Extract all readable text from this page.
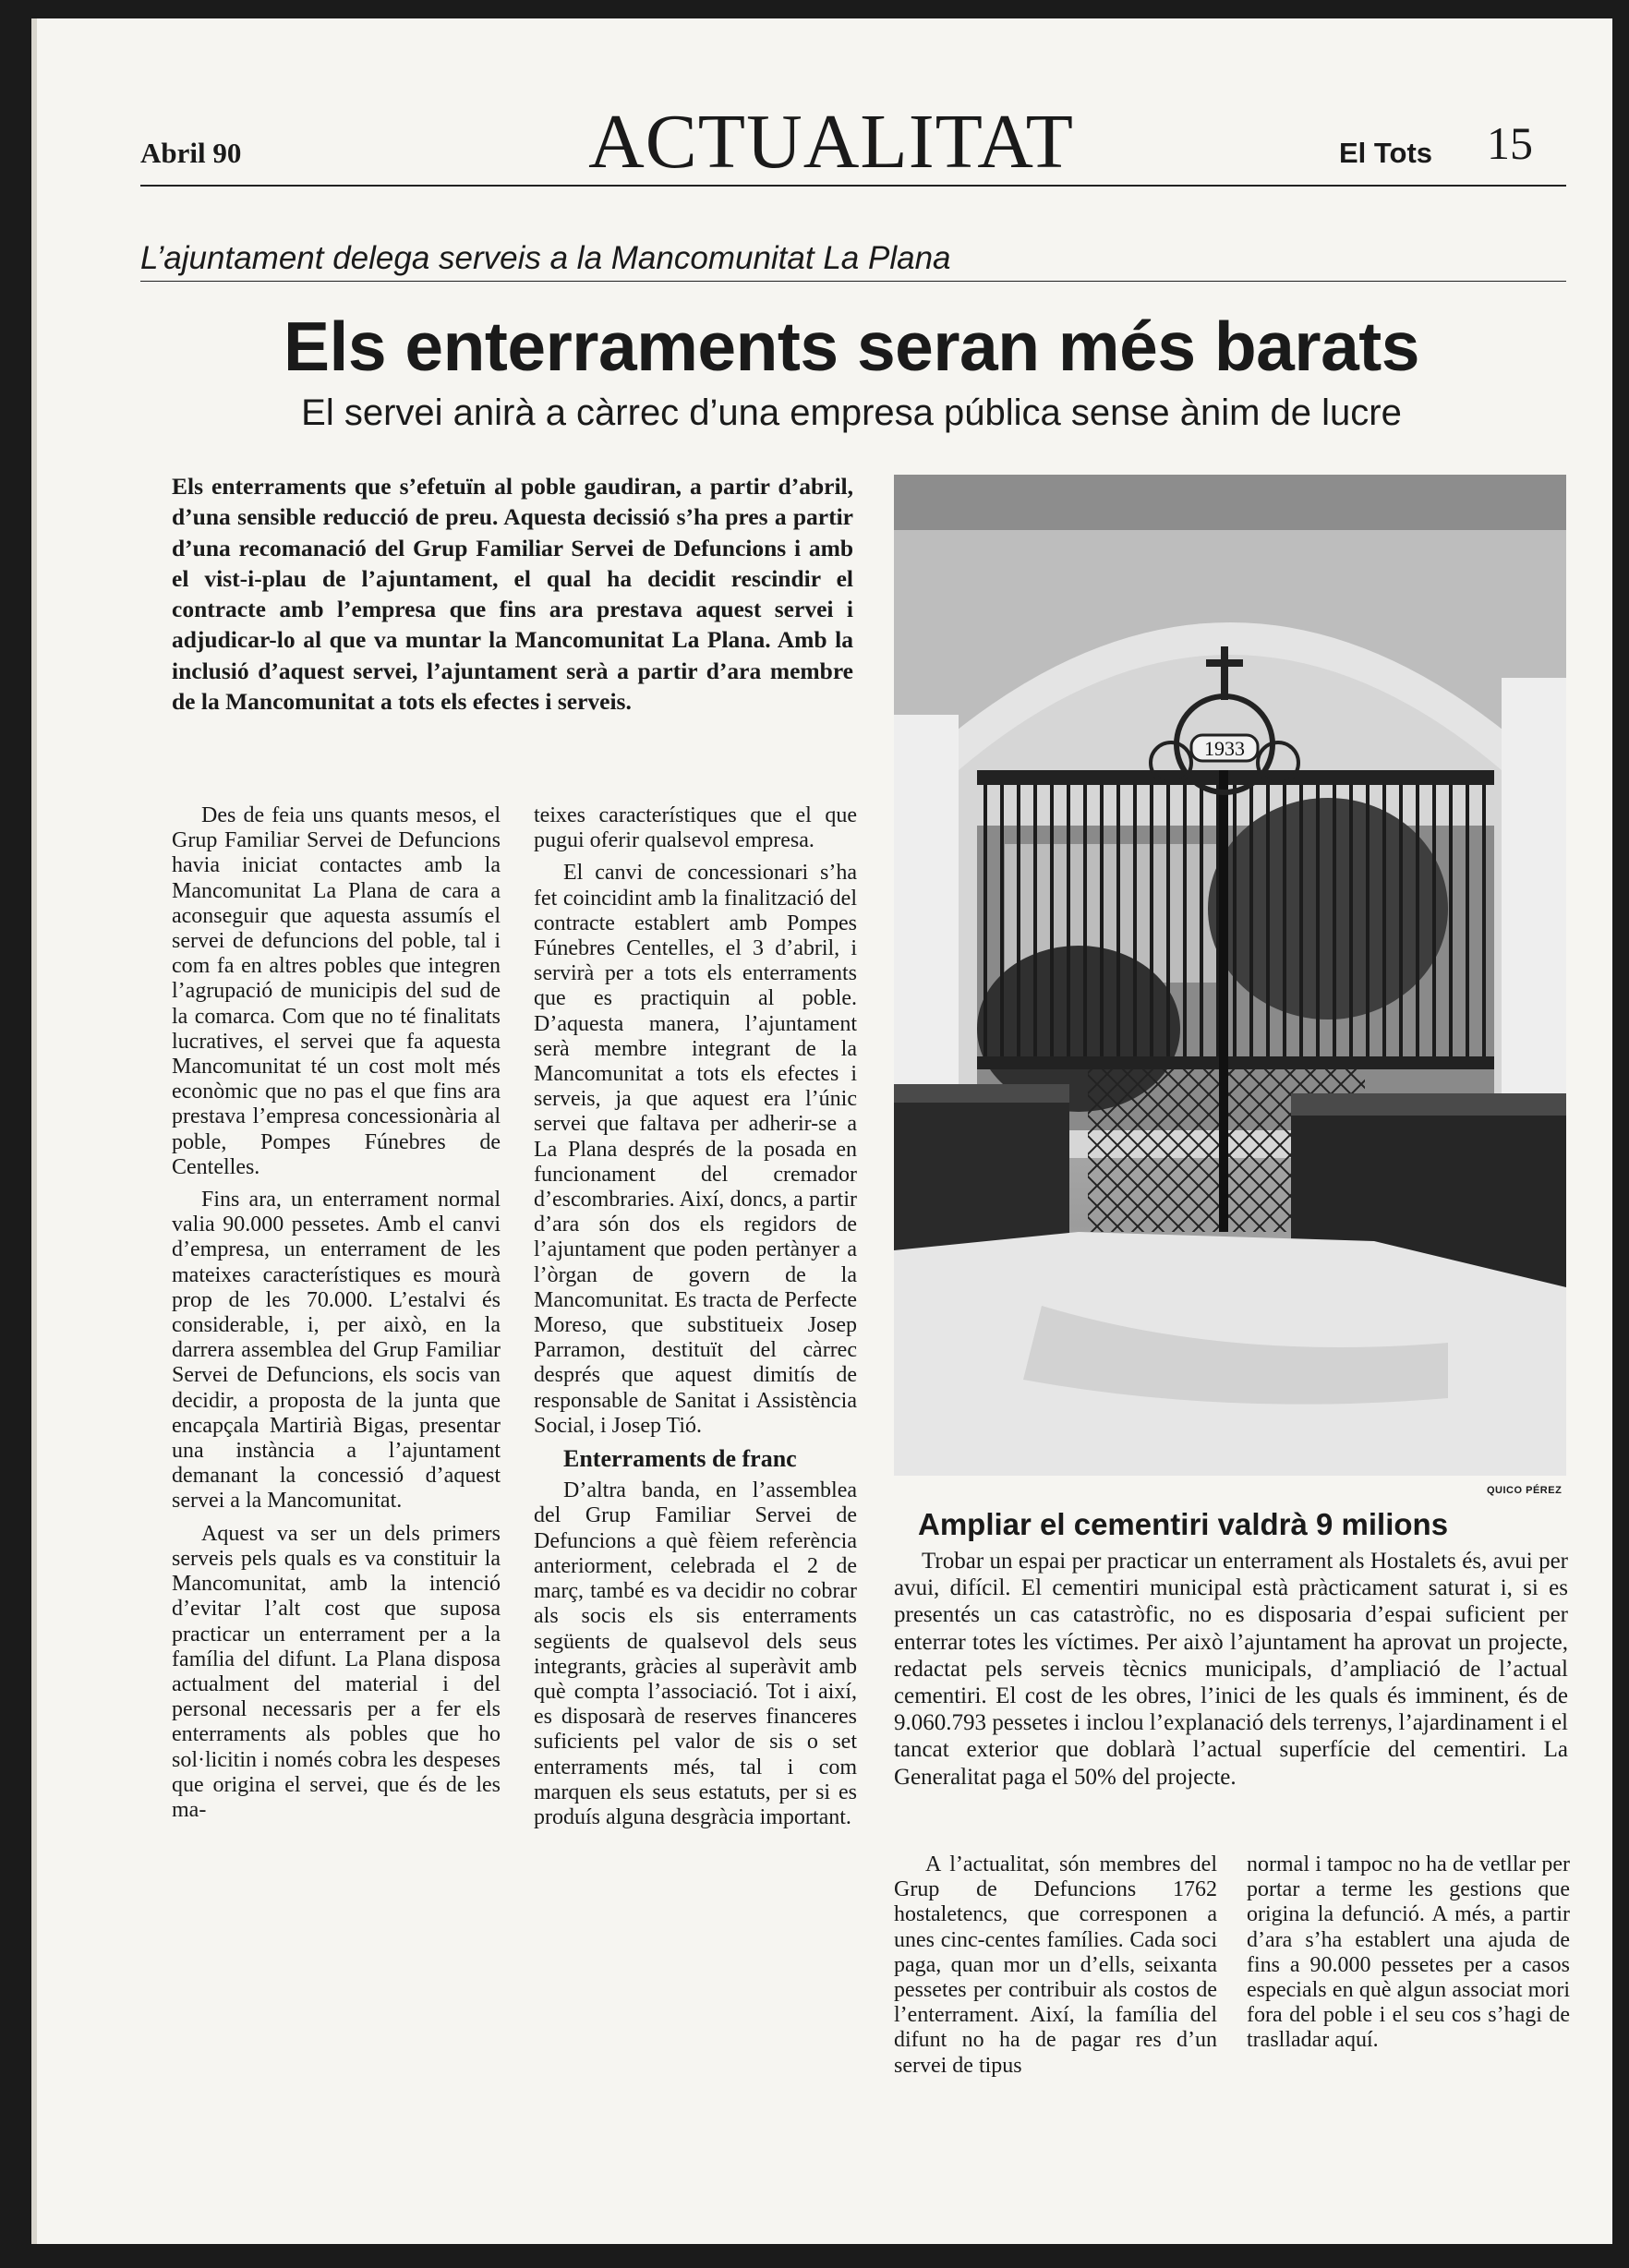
Abril 90	ACTUALITAT	El Tots 15
L’ajuntament delega serveis a la Mancomunitat La Plana
Els enterraments seran més barats
El servei anirà a càrrec d’una empresa pública sense ànim de lucre
Els enterraments que s’efetuïn al poble gaudiran, a partir d’abril, d’una sensible reducció de preu. Aquesta decissió s’ha pres a partir d’una recomanació del Grup Familiar Servei de Defuncions i amb el vist-i-plau de l’ajuntament, el qual ha decidit rescindir el contracte amb l’empresa que fins ara prestava aquest servei i adjudicar-lo al que va muntar la Mancomunitat La Plana. Amb la inclusió d’aquest servei, l’ajuntament serà a partir d’ara membre de la Mancomunitat a tots els efectes i serveis.

Des de feia uns quants mesos, el Grup Familiar Servei de Defuncions havia iniciat contactes amb la Mancomunitat La Plana de cara a aconseguir que aquesta assumís el servei de defuncions del poble, tal i com fa en altres pobles que integren l’agrupació de municipis del sud de la comarca. Com que no té finalitats lucratives, el servei que fa aquesta Mancomunitat té un cost molt més econòmic que no pas el que fins ara prestava l’empresa concessionària al poble, Pompes Fúnebres de Centelles.

Fins ara, un enterrament normal valia 90.000 pessetes. Amb el canvi d’empresa, un enterrament de les mateixes característiques es mourà prop de les 70.000. L’estalvi és considerable, i, per això, en la darrera assemblea del Grup Familiar Servei de Defuncions, els socis van decidir, a proposta de la junta que encapçala Martirià Bigas, presentar una instància a l’ajuntament demanant la concessió d’aquest servei a la Mancomunitat.

Aquest va ser un dels primers serveis pels quals es va constituir la Mancomunitat, amb la intenció d’evitar l’alt cost que suposa practicar un enterrament per a la família del difunt. La Plana disposa actualment del material i del personal necessaris per a fer els enterraments als pobles que ho sol·licitin i només cobra les despeses que origina el servei, que és de les ma-

teixes característiques que el que pugui oferir qualsevol empresa.

El canvi de concessionari s’ha fet coincidint amb la finalització del contracte establert amb Pompes Fúnebres Centelles, el 3 d’abril, i servirà per a tots els enterraments que es practiquin al poble. D’aquesta manera, l’ajuntament serà membre integrant de la Mancomunitat a tots els efectes i serveis, ja que aquest era l’únic servei que faltava per adherir-se a La Plana després de la posada en funcionament del cremador d’escombraries. Així, doncs, a partir d’ara són dos els regidors de l’ajuntament que poden pertànyer a l’òrgan de govern de la Mancomunitat. Es tracta de Perfecte Moreso, que substitueix Josep Parramon, destituït del càrrec després que aquest dimitís de responsable de Sanitat i Assistència Social, i Josep Tió.

Enterraments de franc

D’altra banda, en l’assemblea del Grup Familiar Servei de Defuncions a què fèiem referència anteriorment, celebrada el 2 de març, també es va decidir no cobrar als socis els sis enterraments següents de qualsevol dels seus integrants, gràcies al superàvit amb què compta l’associació. Tot i així, es disposarà de reserves financeres suficients pel valor de sis o set enterraments més, tal i com marquen els seus estatuts, per si es produís alguna desgràcia important.

1933
QUICO PÉREZ
Ampliar el cementiri valdrà 9 milions

Trobar un espai per practicar un enterrament als Hostalets és, avui per avui, difícil. El cementiri municipal està pràcticament saturat i, si es presentés un cas catastròfic, no es disposaria d’espai suficient per enterrar totes les víctimes. Per això l’ajuntament ha aprovat un projecte, redactat pels serveis tècnics municipals, d’ampliació de l’actual cementiri. El cost de les obres, l’inici de les quals és imminent, és de 9.060.793 pessetes i inclou l’explanació dels terrenys, l’ajardinament i el tancat exterior que doblarà l’actual superfície del cementiri. La Generalitat paga el 50% del projecte.

A l’actualitat, són membres del Grup de Defuncions 1762 hostaletencs, que corresponen a unes cinc-centes famílies. Cada soci paga, quan mor un d’ells, seixanta pessetes per contribuir als costos de l’enterrament. Així, la família del difunt no ha de pagar res d’un servei de tipus

normal i tampoc no ha de vetllar per portar a terme les gestions que origina la defunció. A més, a partir d’ara s’ha establert una ajuda de fins a 90.000 pessetes per a casos especials en què algun associat mori fora del poble i el seu cos s’hagi de traslladar aquí.
